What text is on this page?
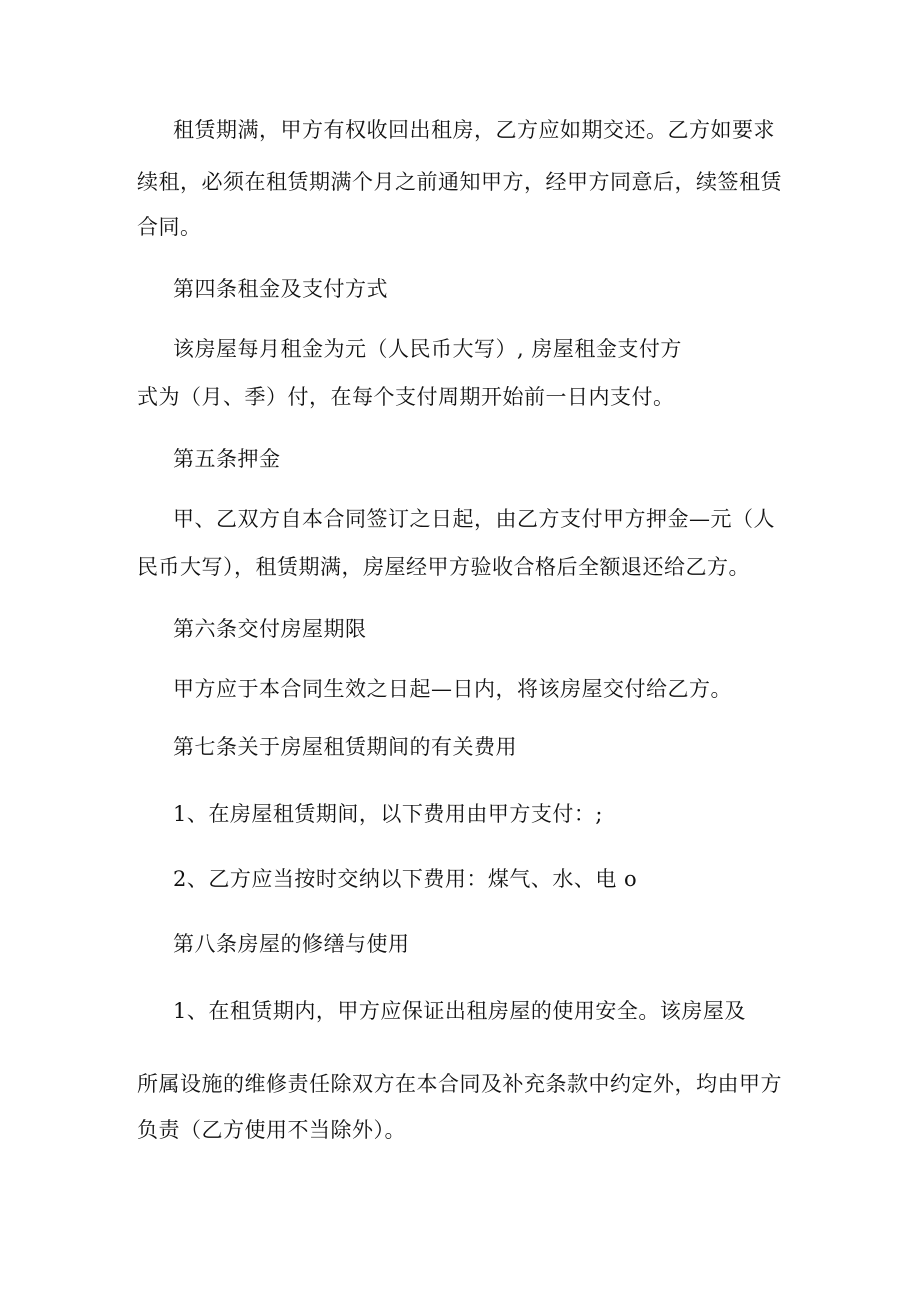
租赁期满，甲方有权收回出租房，乙方应如期交还。乙方如要求
续租，必须在租赁期满个月之前通知甲方，经甲方同意后，续签租赁
合同。
第四条租金及支付方式
该房屋每月租金为元（人民币大写）, 房屋租金支付方
式为（月、季）付，在每个支付周期开始前一日内支付。
第五条押金
甲、乙双方自本合同签订之日起，由乙方支付甲方押金—元（人
民币大写），租赁期满，房屋经甲方验收合格后全额退还给乙方。
第六条交付房屋期限
甲方应于本合同生效之日起—日内，将该房屋交付给乙方。
第七条关于房屋租赁期间的有关费用
1、在房屋租赁期间，以下费用由甲方支付：;
2、乙方应当按时交纳以下费用：煤气、水、电 o
第八条房屋的修缮与使用
1、在租赁期内，甲方应保证出租房屋的使用安全。该房屋及
所属设施的维修责任除双方在本合同及补充条款中约定外，均由甲方
负责（乙方使用不当除外）。
